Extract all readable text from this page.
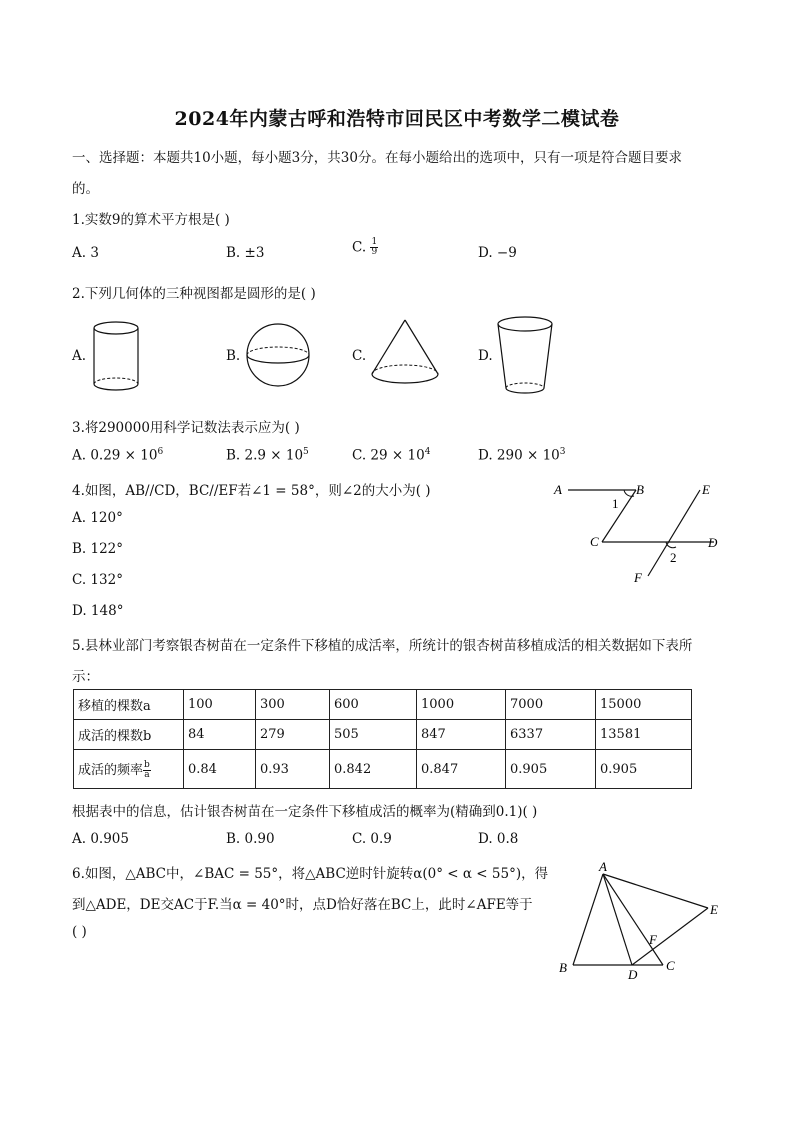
2024年内蒙古呼和浩特市回民区中考数学二模试卷
一、选择题：本题共10小题，每小题3分，共30分。在每小题给出的选项中，只有一项是符合题目要求
的。
1.实数9的算术平方根是( )
A. 3	B. ±3	C. $\frac{1}{9}$	D. −9
2.下列几何体的三种视图都是圆形的是( )
A.	B.	C.	D.
3.将290000用科学记数法表示应为( )
A. $0.29 \times 10^6$	B. $2.9 \times 10^5$	C. $29 \times 10^4$	D. $290 \times 10^3$
4.如图，AB//CD，BC//EF若∠1 = 58°，则∠2的大小为( )
A. 120°
B. 122°
C. 132°
D. 148°
A	B
C	D
E
F
1
2
5.县林业部门考察银杏树苗在一定条件下移植的成活率，所统计的银杏树苗移植成活的相关数据如下表所
示：
移植的棵数a	100	300	600	1000	7000	15000
成活的棵数b	84	279	505	847	6337	13581
成活的频率 $\frac{b}{a}$	0.84	0.93	0.842	0.847	0.905	0.905
根据表中的信息，估计银杏树苗在一定条件下移植成活的概率为(精确到0.1)( )
A. 0.905	B. 0.90	C. 0.9	D. 0.8
6.如图，△ABC中，∠BAC = 55°，将△ABC逆时针旋转α(0° < α < 55°)，得
到△ADE，DE交AC于F.当α = 40°时，点D恰好落在BC上，此时∠AFE等于
( )
A
B	C
D
E
F
